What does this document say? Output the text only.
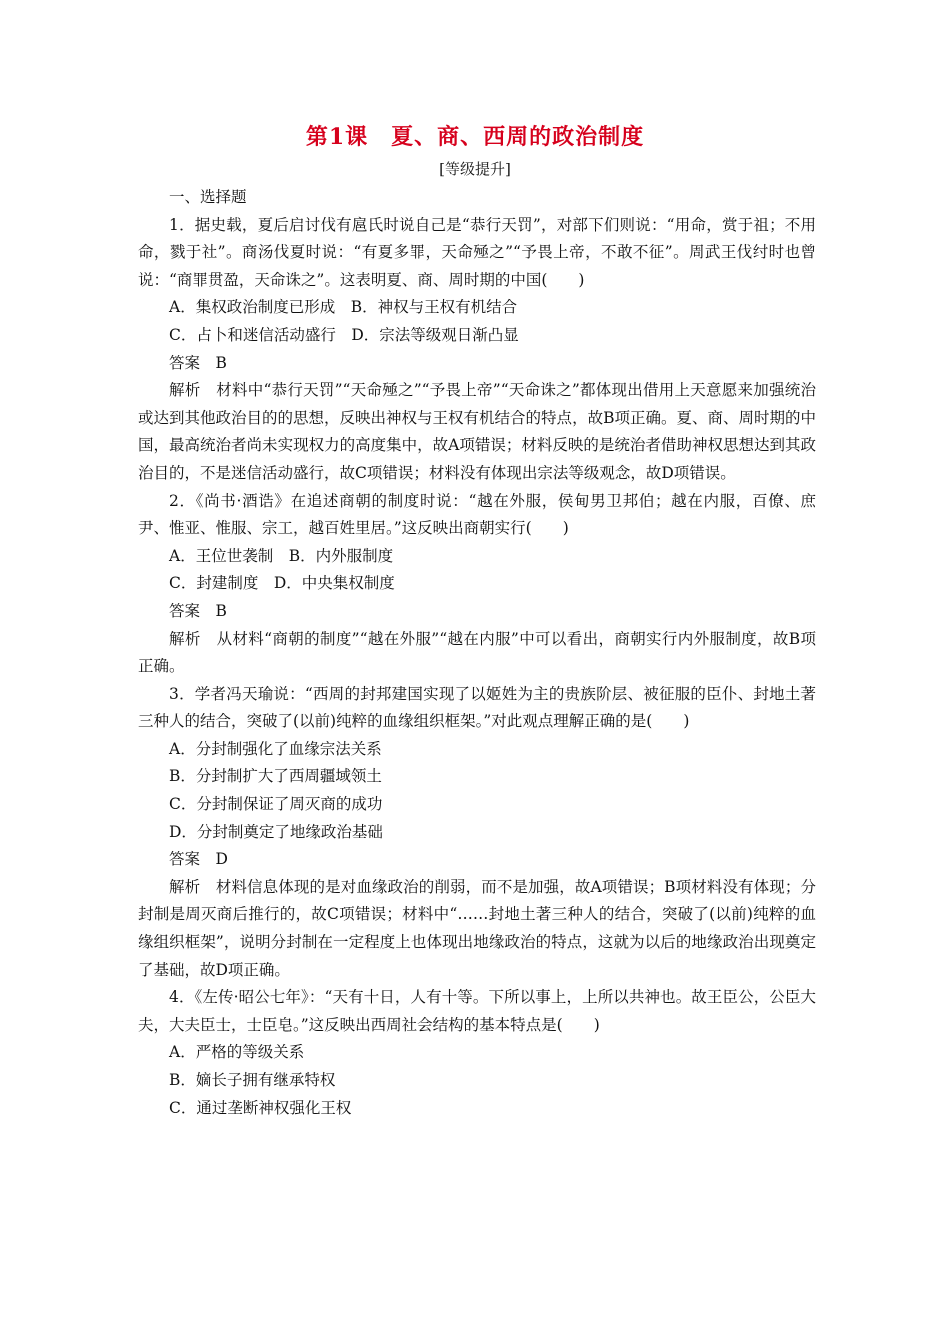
第1课　夏、商、西周的政治制度
[等级提升]

一、选择题

1．据史载，夏后启讨伐有扈氏时说自己是“恭行天罚”，对部下们则说：“用命，赏于祖；不用命，戮于社”。商汤伐夏时说：“有夏多罪，天命殛之”“予畏上帝，不敢不征”。周武王伐纣时也曾说：“商罪贯盈，天命诛之”。这表明夏、商、周时期的中国(　　)

A．集权政治制度已形成　B．神权与王权有机结合

C．占卜和迷信活动盛行　D．宗法等级观日渐凸显

答案　B

解析　材料中“恭行天罚”“天命殛之”“予畏上帝”“天命诛之”都体现出借用上天意愿来加强统治或达到其他政治目的的思想，反映出神权与王权有机结合的特点，故B项正确。夏、商、周时期的中国，最高统治者尚未实现权力的高度集中，故A项错误；材料反映的是统治者借助神权思想达到其政治目的，不是迷信活动盛行，故C项错误；材料没有体现出宗法等级观念，故D项错误。

2．《尚书·酒诰》在追述商朝的制度时说：“越在外服，侯甸男卫邦伯；越在内服，百僚、庶尹、惟亚、惟服、宗工，越百姓里居。”这反映出商朝实行(　　)

A．王位世袭制　B．内外服制度

C．封建制度　D．中央集权制度

答案　B

解析　从材料“商朝的制度”“越在外服”“越在内服”中可以看出，商朝实行内外服制度，故B项正确。

3．学者冯天瑜说：“西周的封邦建国实现了以姬姓为主的贵族阶层、被征服的臣仆、封地土著三种人的结合，突破了(以前)纯粹的血缘组织框架。”对此观点理解正确的是(　　)

A．分封制强化了血缘宗法关系

B．分封制扩大了西周疆域领土

C．分封制保证了周灭商的成功

D．分封制奠定了地缘政治基础

答案　D

解析　材料信息体现的是对血缘政治的削弱，而不是加强，故A项错误；B项材料没有体现；分封制是周灭商后推行的，故C项错误；材料中“……封地土著三种人的结合，突破了(以前)纯粹的血缘组织框架”，说明分封制在一定程度上也体现出地缘政治的特点，这就为以后的地缘政治出现奠定了基础，故D项正确。

4．《左传·昭公七年》：“天有十日，人有十等。下所以事上，上所以共神也。故王臣公，公臣大夫，大夫臣士，士臣皂。”这反映出西周社会结构的基本特点是(　　)

A．严格的等级关系

B．嫡长子拥有继承特权

C．通过垄断神权强化王权
